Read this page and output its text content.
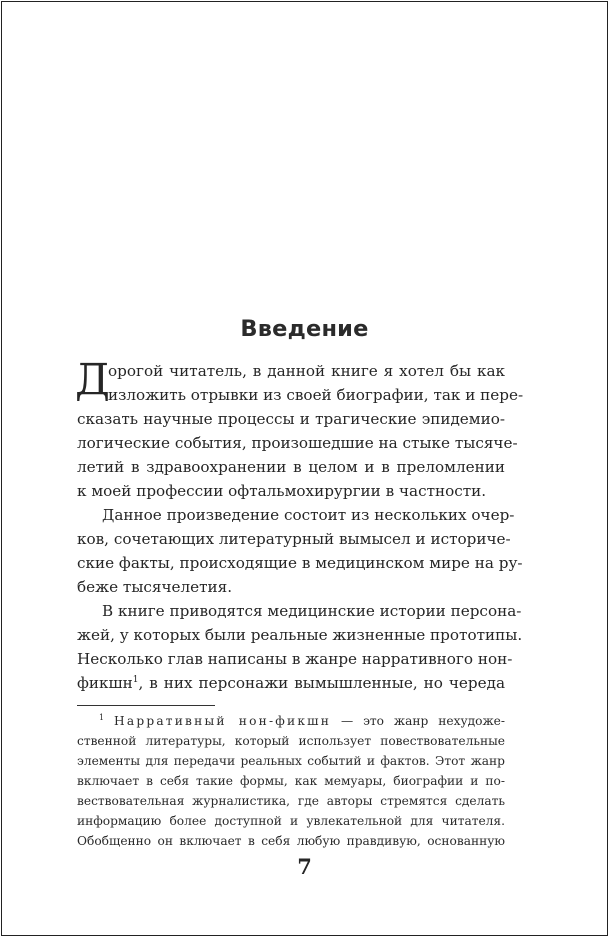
Введение
Д
орогой читатель, в данной книге я хотел бы как
изложить отрывки из своей биографии, так и пере-
сказать научные процессы и трагические эпидемио-
логические события, произошедшие на стыке тысяче-
летий в здравоохранении в целом и в преломлении
к моей профессии офтальмохирургии в частности.
Данное произведение состоит из нескольких очер-
ков, сочетающих литературный вымысел и историче-
ские факты, происходящие в медицинском мире на ру-
беже тысячелетия.
В книге приводятся медицинские истории персона-
жей, у которых были реальные жизненные прототипы.
Несколько глав написаны в жанре нарративного нон-
фикшн$^1$, в них персонажи вымышленные, но череда
$^1$ Нарративный нон-фикшн — это жанр нехудоже-
ственной литературы, который использует повествовательные
элементы для передачи реальных событий и фактов. Этот жанр
включает в себя такие формы, как мемуары, биографии и по-
вествовательная журналистика, где авторы стремятся сделать
информацию более доступной и увлекательной для читателя.
Обобщенно он включает в себя любую правдивую, основанную
7
